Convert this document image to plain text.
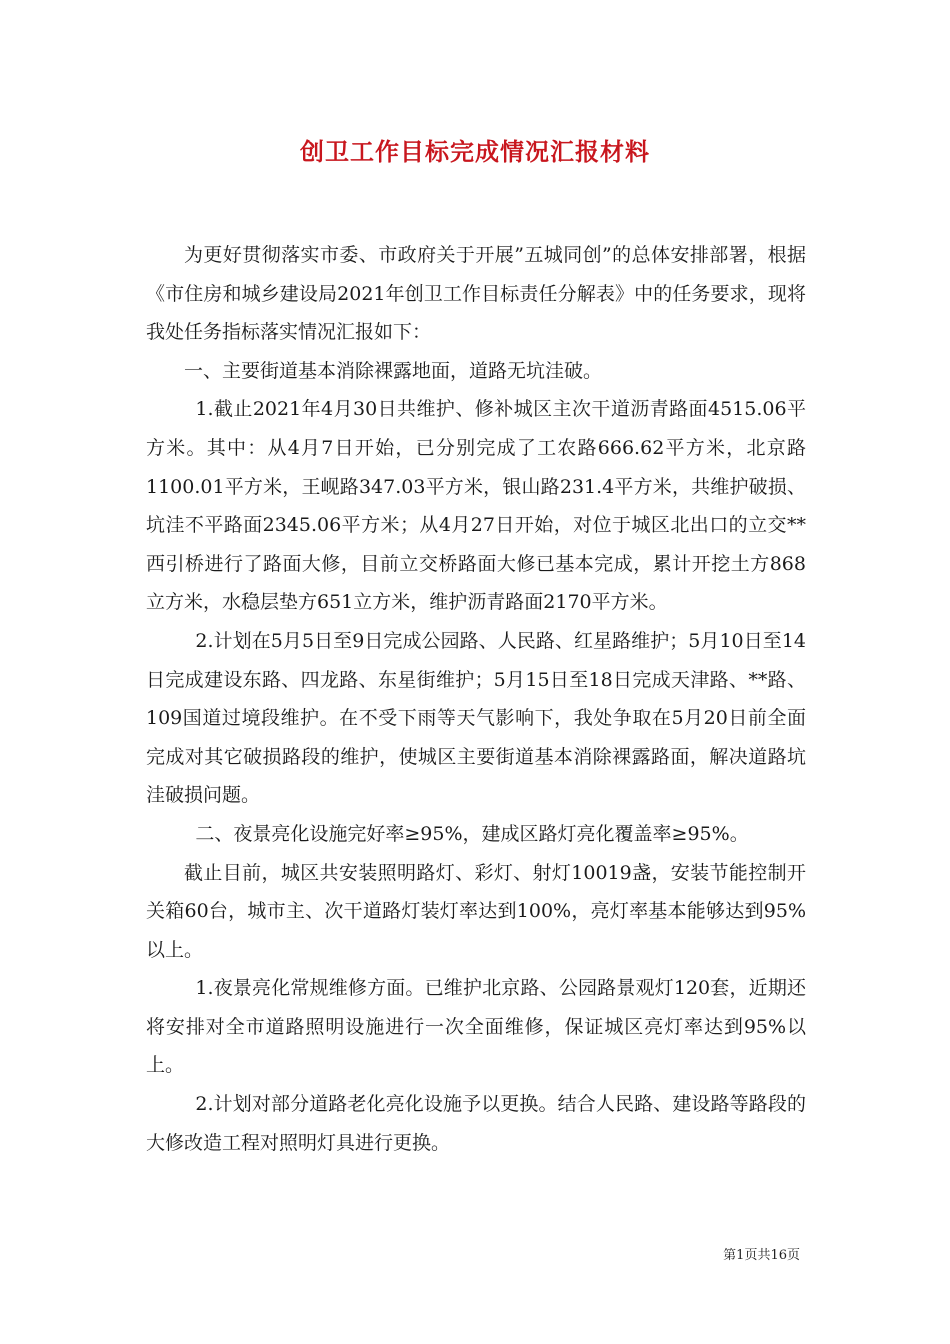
创卫工作目标完成情况汇报材料

为更好贯彻落实市委、市政府关于开展”五城同创”的总体安排部署，根据《市住房和城乡建设局2021年创卫工作目标责任分解表》中的任务要求，现将我处任务指标落实情况汇报如下：

一、主要街道基本消除裸露地面，道路无坑洼破。

1.截止2021年4月30日共维护、修补城区主次干道沥青路面4515.06平方米。其中：从4月7日开始，已分别完成了工农路666.62平方米，北京路1100.01平方米，王岘路347.03平方米，银山路231.4平方米，共维护破损、坑洼不平路面2345.06平方米；从4月27日开始，对位于城区北出口的立交**西引桥进行了路面大修，目前立交桥路面大修已基本完成，累计开挖土方868立方米，水稳层垫方651立方米，维护沥青路面2170平方米。

2.计划在5月5日至9日完成公园路、人民路、红星路维护；5月10日至14日完成建设东路、四龙路、东星街维护；5月15日至18日完成天津路、**路、109国道过境段维护。在不受下雨等天气影响下，我处争取在5月20日前全面完成对其它破损路段的维护，使城区主要街道基本消除裸露路面，解决道路坑洼破损问题。

二、夜景亮化设施完好率≥95%，建成区路灯亮化覆盖率≥95%。

截止目前，城区共安装照明路灯、彩灯、射灯10019盏，安装节能控制开关箱60台，城市主、次干道路灯装灯率达到100%，亮灯率基本能够达到95%以上。

1.夜景亮化常规维修方面。已维护北京路、公园路景观灯120套，近期还将安排对全市道路照明设施进行一次全面维修，保证城区亮灯率达到95%以上。

2.计划对部分道路老化亮化设施予以更换。结合人民路、建设路等路段的大修改造工程对照明灯具进行更换。

第1页共16页
